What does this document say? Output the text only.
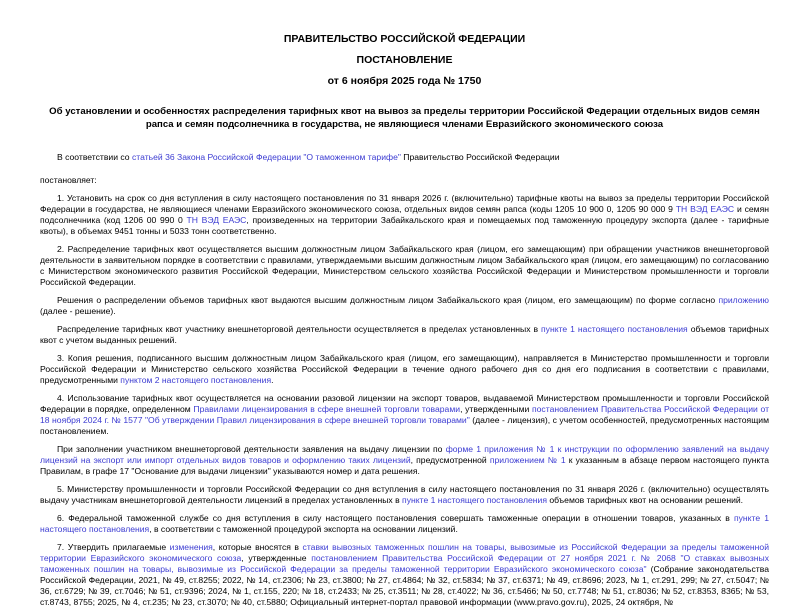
ПРАВИТЕЛЬСТВО РОССИЙСКОЙ ФЕДЕРАЦИИ
ПОСТАНОВЛЕНИЕ
от 6 ноября 2025 года № 1750
Об установлении и особенностях распределения тарифных квот на вывоз за пределы территории Российской Федерации отдельных видов семян рапса и семян подсолнечника в государства, не являющиеся членами Евразийского экономического союза

В соответствии со статьей 36 Закона Российской Федерации "О таможенном тарифе" Правительство Российской Федерации

постановляет:

1. Установить на срок со дня вступления в силу настоящего постановления по 31 января 2026 г. (включительно) тарифные квоты на вывоз за пределы территории Российской Федерации в государства, не являющиеся членами Евразийского экономического союза, отдельных видов семян рапса (коды 1205 10 900 0, 1205 90 000 9 ТН ВЭД ЕАЭС и семян подсолнечника (код 1206 00 990 0 ТН ВЭД ЕАЭС, произведенных на территории Забайкальского края и помещаемых под таможенную процедуру экспорта (далее - тарифные квоты), в объемах 9451 тонны и 5033 тонн соответственно.

2. Распределение тарифных квот осуществляется высшим должностным лицом Забайкальского края (лицом, его замещающим) при обращении участников внешнеторговой деятельности в заявительном порядке в соответствии с правилами, утверждаемыми высшим должностным лицом Забайкальского края (лицом, его замещающим) по согласованию с Министерством экономического развития Российской Федерации, Министерством сельского хозяйства Российской Федерации и Министерством промышленности и торговли Российской Федерации.

Решения о распределении объемов тарифных квот выдаются высшим должностным лицом Забайкальского края (лицом, его замещающим) по форме согласно приложению (далее - решение).

Распределение тарифных квот участнику внешнеторговой деятельности осуществляется в пределах установленных в пункте 1 настоящего постановления объемов тарифных квот с учетом выданных решений.

3. Копия решения, подписанного высшим должностным лицом Забайкальского края (лицом, его замещающим), направляется в Министерство промышленности и торговли Российской Федерации и Министерство сельского хозяйства Российской Федерации в течение одного рабочего дня со дня его подписания в соответствии с правилами, предусмотренными пунктом 2 настоящего постановления.

4. Использование тарифных квот осуществляется на основании разовой лицензии на экспорт товаров, выдаваемой Министерством промышленности и торговли Российской Федерации в порядке, определенном Правилами лицензирования в сфере внешней торговли товарами, утвержденными постановлением Правительства Российской Федерации от 18 ноября 2024 г. № 1577 "Об утверждении Правил лицензирования в сфере внешней торговли товарами" (далее - лицензия), с учетом особенностей, предусмотренных настоящим постановлением.

При заполнении участником внешнеторговой деятельности заявления на выдачу лицензии по форме 1 приложения № 1 к инструкции по оформлению заявлений на выдачу лицензий на экспорт или импорт отдельных видов товаров и оформлению таких лицензий, предусмотренной приложением № 1 к указанным в абзаце первом настоящего пункта Правилам, в графе 17 "Основание для выдачи лицензии" указываются номер и дата решения.

5. Министерству промышленности и торговли Российской Федерации со дня вступления в силу настоящего постановления по 31 января 2026 г. (включительно) осуществлять выдачу участникам внешнеторговой деятельности лицензий в пределах установленных в пункте 1 настоящего постановления объемов тарифных квот на основании решений.

6. Федеральной таможенной службе со дня вступления в силу настоящего постановления совершать таможенные операции в отношении товаров, указанных в пункте 1 настоящего постановления, в соответствии с таможенной процедурой экспорта на основании лицензий.

7. Утвердить прилагаемые изменения, которые вносятся в ставки вывозных таможенных пошлин на товары, вывозимые из Российской Федерации за пределы таможенной территории Евразийского экономического союза, утвержденные постановлением Правительства Российской Федерации от 27 ноября 2021 г. № 2068 "О ставках вывозных таможенных пошлин на товары, вывозимые из Российской Федерации за пределы таможенной территории Евразийского экономического союза" (Собрание законодательства Российской Федерации, 2021, № 49, ст.8255; 2022, № 14, ст.2306; № 23, ст.3800; № 27, ст.4864; № 32, ст.5834; № 37, ст.6371; № 49, ст.8696; 2023, № 1, ст.291, 299; № 27, ст.5047; № 36, ст.6729; № 39, ст.7046; № 51, ст.9396; 2024, № 1, ст.155, 220; № 18, ст.2433; № 25, ст.3511; № 28, ст.4022; № 36, ст.5466; № 50, ст.7748; № 51, ст.8036; № 52, ст.8353, 8365; № 53, ст.8743, 8755; 2025, № 4, ст.235; № 23, ст.3070; № 40, ст.5880; Официальный интернет-портал правовой информации (www.pravo.gov.ru), 2025, 24 октября, №
